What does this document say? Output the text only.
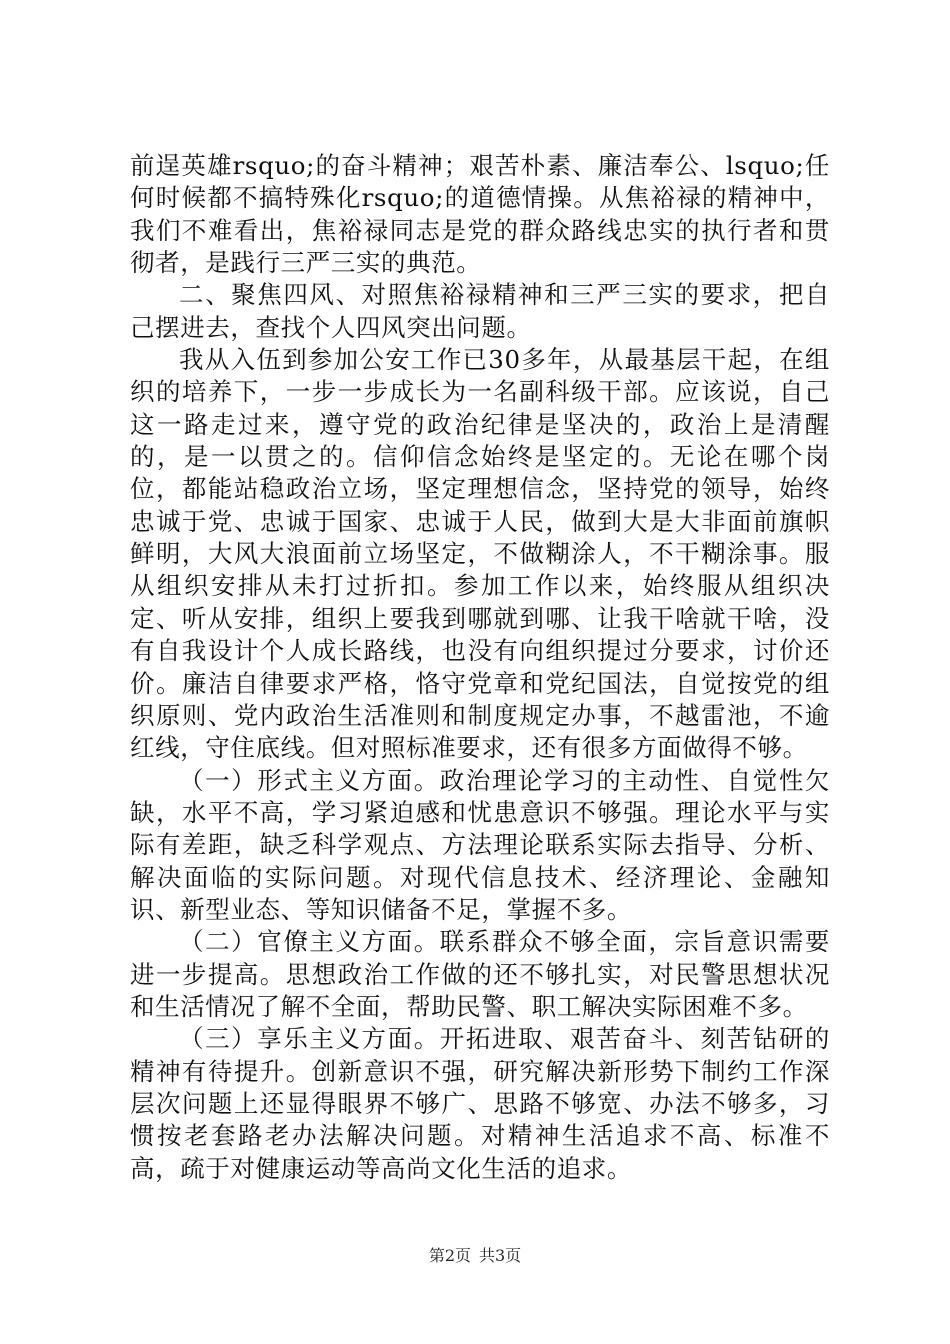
前逞英雄rsquo;的奋斗精神；艰苦朴素、廉洁奉公、lsquo;任何时候都不搞特殊化rsquo;的道德情操。从焦裕禄的精神中，我们不难看出，焦裕禄同志是党的群众路线忠实的执行者和贯彻者，是践行三严三实的典范。

二、聚焦四风、对照焦裕禄精神和三严三实的要求，把自己摆进去，查找个人四风突出问题。

我从入伍到参加公安工作已30多年，从最基层干起，在组织的培养下，一步一步成长为一名副科级干部。应该说，自己这一路走过来，遵守党的政治纪律是坚决的，政治上是清醒的，是一以贯之的。信仰信念始终是坚定的。无论在哪个岗位，都能站稳政治立场，坚定理想信念，坚持党的领导，始终忠诚于党、忠诚于国家、忠诚于人民，做到大是大非面前旗帜鲜明，大风大浪面前立场坚定，不做糊涂人，不干糊涂事。服从组织安排从未打过折扣。参加工作以来，始终服从组织决定、听从安排，组织上要我到哪就到哪、让我干啥就干啥，没有自我设计个人成长路线，也没有向组织提过分要求，讨价还价。廉洁自律要求严格，恪守党章和党纪国法，自觉按党的组织原则、党内政治生活准则和制度规定办事，不越雷池，不逾红线，守住底线。但对照标准要求，还有很多方面做得不够。

（一）形式主义方面。政治理论学习的主动性、自觉性欠缺，水平不高，学习紧迫感和忧患意识不够强。理论水平与实际有差距，缺乏科学观点、方法理论联系实际去指导、分析、解决面临的实际问题。对现代信息技术、经济理论、金融知识、新型业态、等知识储备不足，掌握不多。

（二）官僚主义方面。联系群众不够全面，宗旨意识需要进一步提高。思想政治工作做的还不够扎实，对民警思想状况和生活情况了解不全面，帮助民警、职工解决实际困难不多。

（三）享乐主义方面。开拓进取、艰苦奋斗、刻苦钻研的精神有待提升。创新意识不强，研究解决新形势下制约工作深层次问题上还显得眼界不够广、思路不够宽、办法不够多，习惯按老套路老办法解决问题。对精神生活追求不高、标准不高，疏于对健康运动等高尚文化生活的追求。

第2页 共3页
